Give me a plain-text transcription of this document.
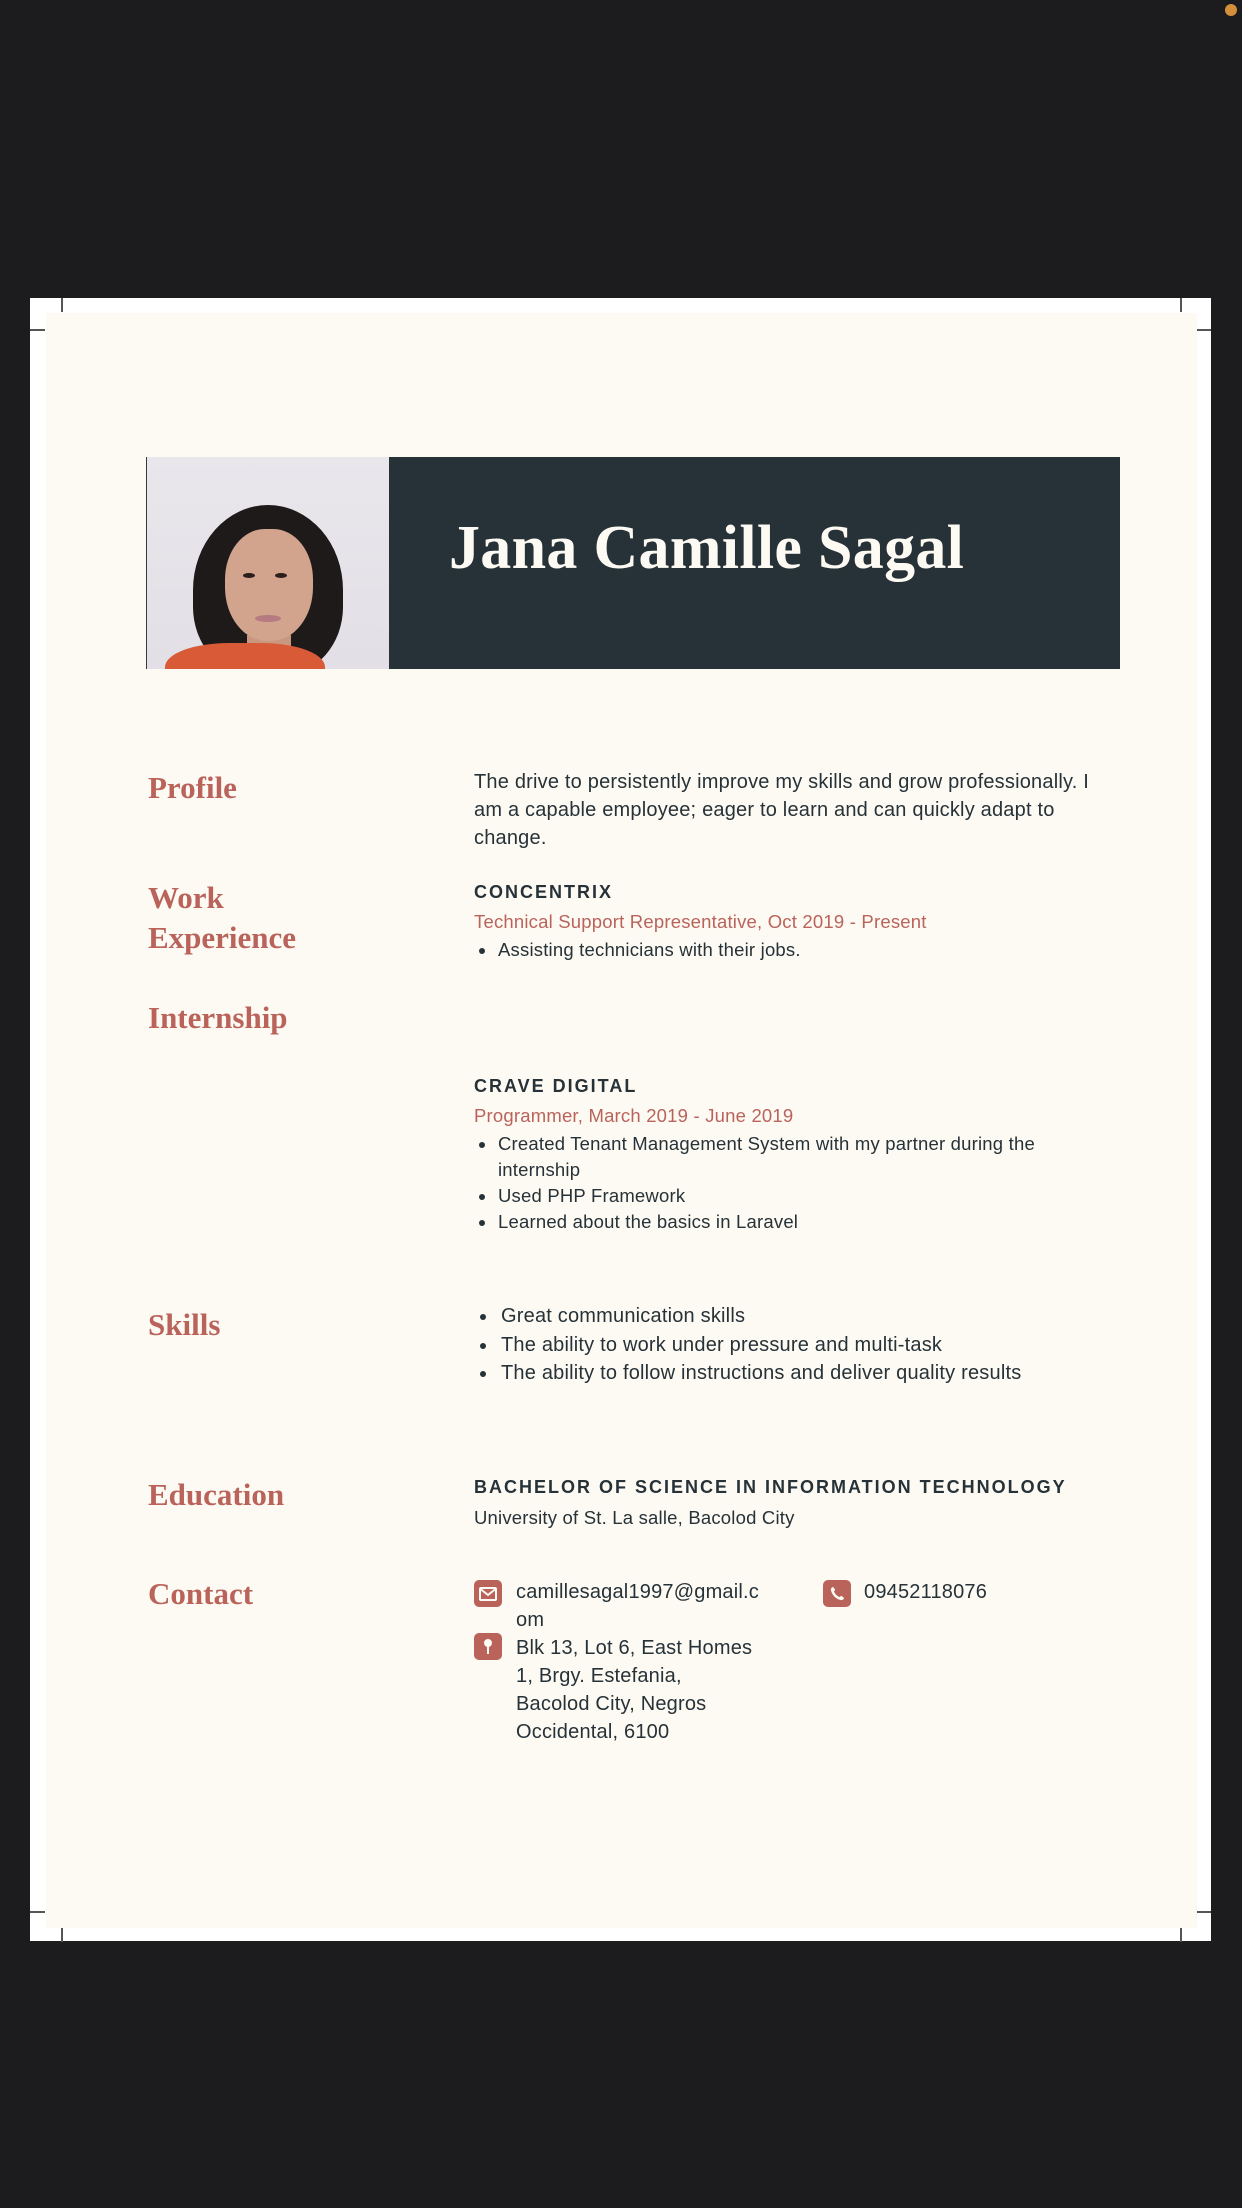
Jana Camille Sagal
Profile	The drive to persistently improve my skills and grow professionally. I am a capable employee; eager to learn and can quickly adapt to change.
Work
Experience
CONCENTRIX
Technical Support Representative, Oct 2019 - Present
Assisting technicians with their jobs.
Internship
CRAVE DIGITAL
Programmer, March 2019 - June 2019
Created Tenant Management System with my partner during the internship
Used PHP Framework
Learned about the basics in Laravel
Skills	Great communication skills
The ability to work under pressure and multi-task
The ability to follow instructions and deliver quality results
Education	BACHELOR OF SCIENCE IN INFORMATION TECHNOLOGY
University of St. La salle, Bacolod City
Contact	camillesagal1997@gmail.c
om
Blk 13, Lot 6, East Homes
1, Brgy. Estefania,
Bacolod City, Negros
Occidental, 6100
09452118076
